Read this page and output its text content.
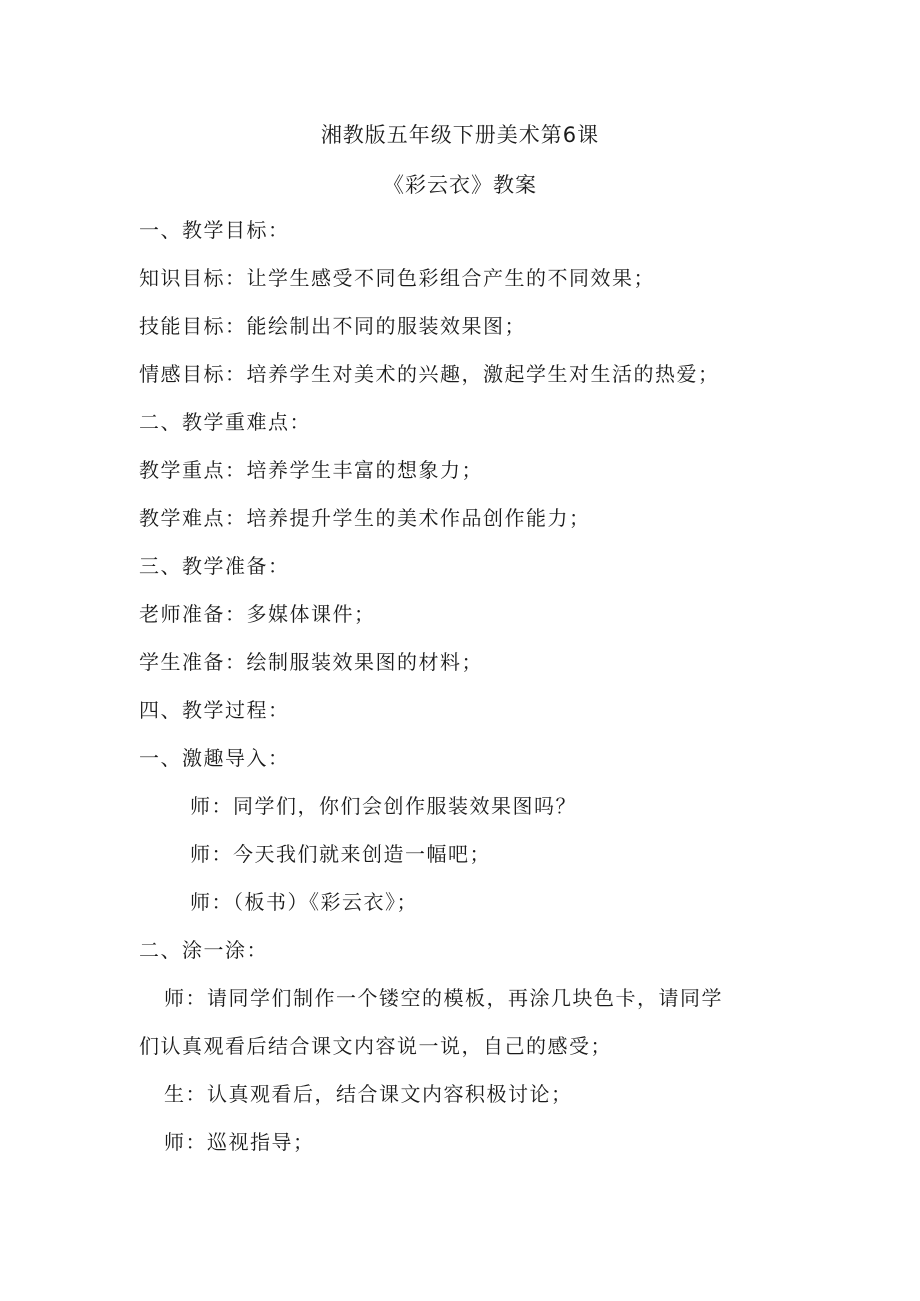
湘教版五年级下册美术第6课
《彩云衣》教案
一、教学目标：
知识目标：让学生感受不同色彩组合产生的不同效果；
技能目标：能绘制出不同的服装效果图；
情感目标：培养学生对美术的兴趣，激起学生对生活的热爱；
二、教学重难点：
教学重点：培养学生丰富的想象力；
教学难点：培养提升学生的美术作品创作能力；
三、教学准备：
老师准备：多媒体课件；
学生准备：绘制服装效果图的材料；
四、教学过程：
一、激趣导入：
师：同学们，你们会创作服装效果图吗？
师：今天我们就来创造一幅吧；
师：（板书）《彩云衣》；
二、涂一涂：
师：请同学们制作一个镂空的模板，再涂几块色卡，请同学
们认真观看后结合课文内容说一说，自己的感受；
生：认真观看后，结合课文内容积极讨论；
师：巡视指导；
